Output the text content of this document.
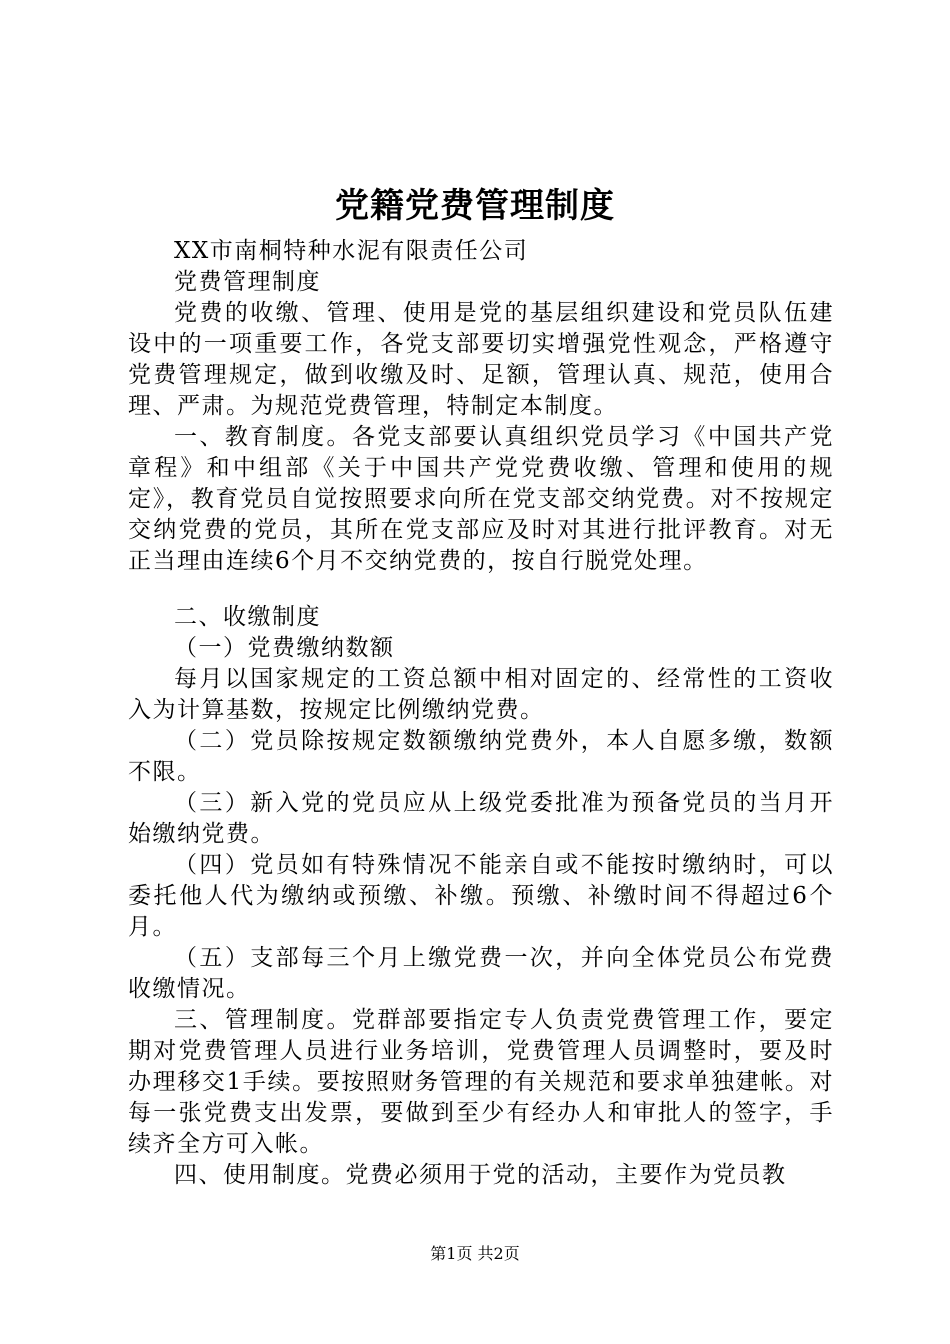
党籍党费管理制度

XX市南桐特种水泥有限责任公司

党费管理制度

党费的收缴、管理、使用是党的基层组织建设和党员队伍建设中的一项重要工作，各党支部要切实增强党性观念，严格遵守党费管理规定，做到收缴及时、足额，管理认真、规范，使用合理、严肃。为规范党费管理，特制定本制度。

一、教育制度。各党支部要认真组织党员学习《中国共产党章程》和中组部《关于中国共产党党费收缴、管理和使用的规定》，教育党员自觉按照要求向所在党支部交纳党费。对不按规定交纳党费的党员，其所在党支部应及时对其进行批评教育。对无正当理由连续6个月不交纳党费的，按自行脱党处理。

二、收缴制度

（一）党费缴纳数额

每月以国家规定的工资总额中相对固定的、经常性的工资收入为计算基数，按规定比例缴纳党费。

（二）党员除按规定数额缴纳党费外，本人自愿多缴，数额不限。

（三）新入党的党员应从上级党委批准为预备党员的当月开始缴纳党费。

（四）党员如有特殊情况不能亲自或不能按时缴纳时，可以委托他人代为缴纳或预缴、补缴。预缴、补缴时间不得超过6个月。

（五）支部每三个月上缴党费一次，并向全体党员公布党费收缴情况。

三、管理制度。党群部要指定专人负责党费管理工作，要定期对党费管理人员进行业务培训，党费管理人员调整时，要及时办理移交1手续。要按照财务管理的有关规范和要求单独建帐。对每一张党费支出发票，要做到至少有经办人和审批人的签字，手续齐全方可入帐。

四、使用制度。党费必须用于党的活动，主要作为党员教

第1页 共2页
